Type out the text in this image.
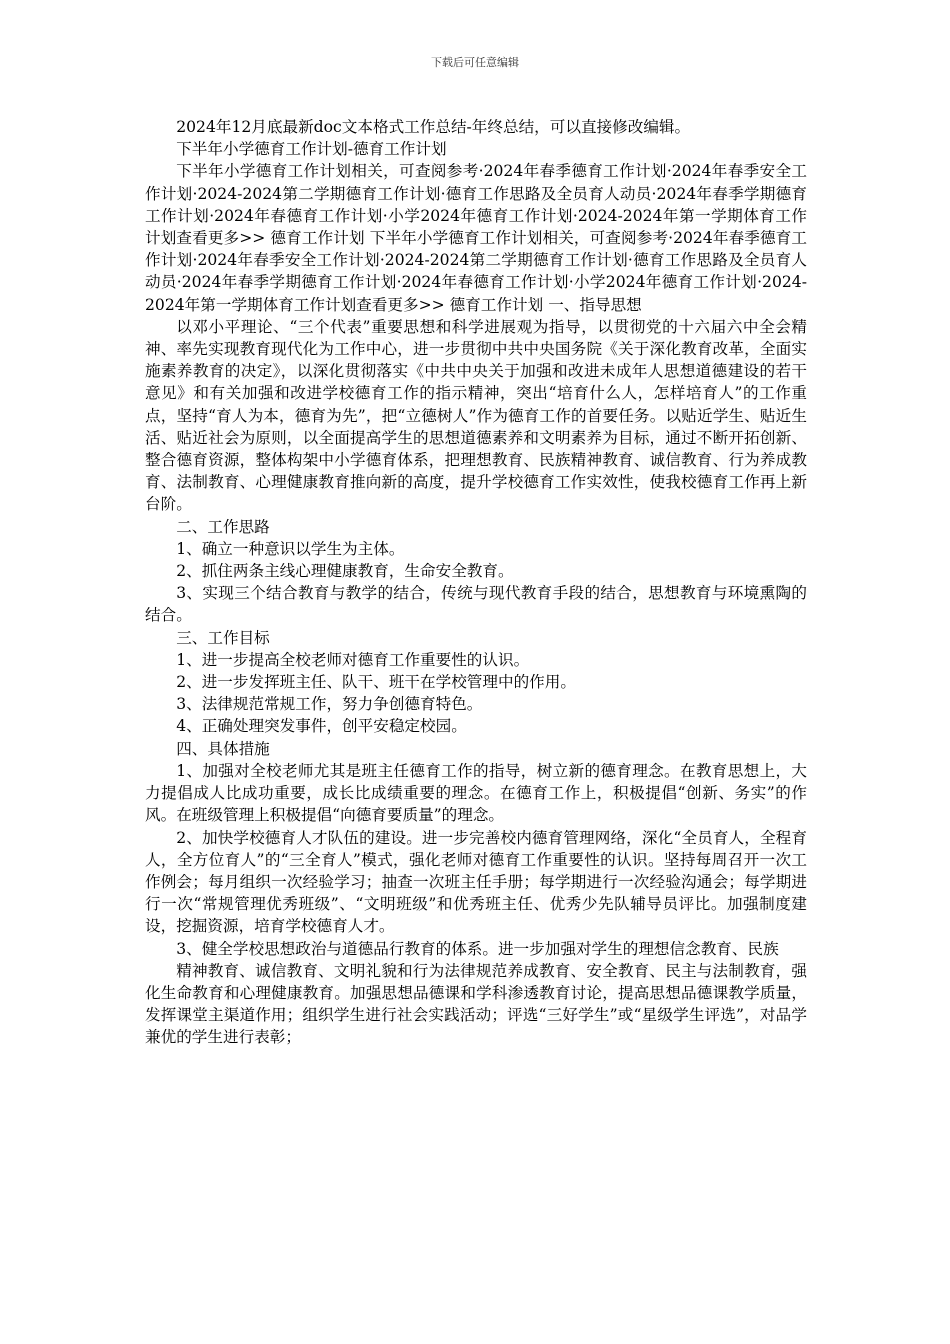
下载后可任意编辑

2024年12月底最新doc文本格式工作总结-年终总结，可以直接修改编辑。

下半年小学德育工作计划-德育工作计划

下半年小学德育工作计划相关，可查阅参考·2024年春季德育工作计划·2024年春季安全工作计划·2024-2024第二学期德育工作计划·德育工作思路及全员育人动员·2024年春季学期德育工作计划·2024年春德育工作计划·小学2024年德育工作计划·2024-2024年第一学期体育工作计划查看更多>> 德育工作计划 下半年小学德育工作计划相关，可查阅参考·2024年春季德育工作计划·2024年春季安全工作计划·2024-2024第二学期德育工作计划·德育工作思路及全员育人动员·2024年春季学期德育工作计划·2024年春德育工作计划·小学2024年德育工作计划·2024-2024年第一学期体育工作计划查看更多>> 德育工作计划 一、指导思想

以邓小平理论、“三个代表”重要思想和科学进展观为指导，以贯彻党的十六届六中全会精神、率先实现教育现代化为工作中心，进一步贯彻中共中央国务院《关于深化教育改革，全面实施素养教育的决定》，以深化贯彻落实《中共中央关于加强和改进未成年人思想道德建设的若干意见》和有关加强和改进学校德育工作的指示精神，突出“培育什么人，怎样培育人”的工作重点，坚持“育人为本，德育为先”，把“立德树人”作为德育工作的首要任务。以贴近学生、贴近生活、贴近社会为原则，以全面提高学生的思想道德素养和文明素养为目标，通过不断开拓创新、整合德育资源，整体构架中小学德育体系，把理想教育、民族精神教育、诚信教育、行为养成教育、法制教育、心理健康教育推向新的高度，提升学校德育工作实效性，使我校德育工作再上新台阶。

二、工作思路

1、确立一种意识以学生为主体。

2、抓住两条主线心理健康教育，生命安全教育。

3、实现三个结合教育与教学的结合，传统与现代教育手段的结合，思想教育与环境熏陶的结合。

三、工作目标

1、进一步提高全校老师对德育工作重要性的认识。

2、进一步发挥班主任、队干、班干在学校管理中的作用。

3、法律规范常规工作，努力争创德育特色。

4、正确处理突发事件，创平安稳定校园。

四、具体措施

1、加强对全校老师尤其是班主任德育工作的指导，树立新的德育理念。在教育思想上，大力提倡成人比成功重要，成长比成绩重要的理念。在德育工作上，积极提倡“创新、务实”的作风。在班级管理上积极提倡“向德育要质量”的理念。

2、加快学校德育人才队伍的建设。进一步完善校内德育管理网络，深化“全员育人，全程育人，全方位育人”的“三全育人”模式，强化老师对德育工作重要性的认识。坚持每周召开一次工作例会；每月组织一次经验学习；抽查一次班主任手册；每学期进行一次经验沟通会；每学期进行一次“常规管理优秀班级”、“文明班级”和优秀班主任、优秀少先队辅导员评比。加强制度建设，挖掘资源，培育学校德育人才。

3、健全学校思想政治与道德品行教育的体系。进一步加强对学生的理想信念教育、民族

精神教育、诚信教育、文明礼貌和行为法律规范养成教育、安全教育、民主与法制教育，强化生命教育和心理健康教育。加强思想品德课和学科渗透教育讨论，提高思想品德课教学质量，发挥课堂主渠道作用；组织学生进行社会实践活动；评选“三好学生”或“星级学生评选”，对品学兼优的学生进行表彰；
